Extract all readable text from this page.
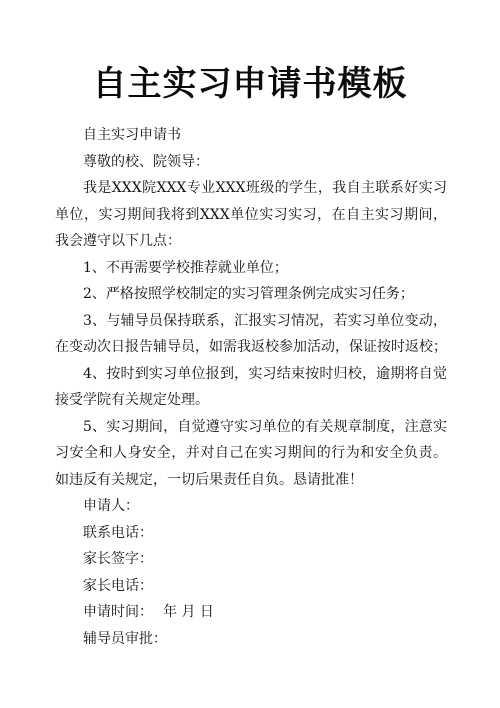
自主实习申请书模板

自主实习申请书

尊敬的校、院领导：

我是XXX院XXX专业XXX班级的学生，我自主联系好实习单位，实习期间我将到XXX单位实习实习，在自主实习期间，我会遵守以下几点：

1、不再需要学校推荐就业单位；

2、严格按照学校制定的实习管理条例完成实习任务；

3、与辅导员保持联系，汇报实习情况，若实习单位变动，在变动次日报告辅导员，如需我返校参加活动，保证按时返校；

4、按时到实习单位报到，实习结束按时归校，逾期将自觉接受学院有关规定处理。

5、实习期间，自觉遵守实习单位的有关规章制度，注意实习安全和人身安全，并对自己在实习期间的行为和安全负责。 如违反有关规定，一切后果责任自负。恳请批准！

申请人：

联系电话：

家长签字：

家长电话：

申请时间： 年 月 日

辅导员审批：
